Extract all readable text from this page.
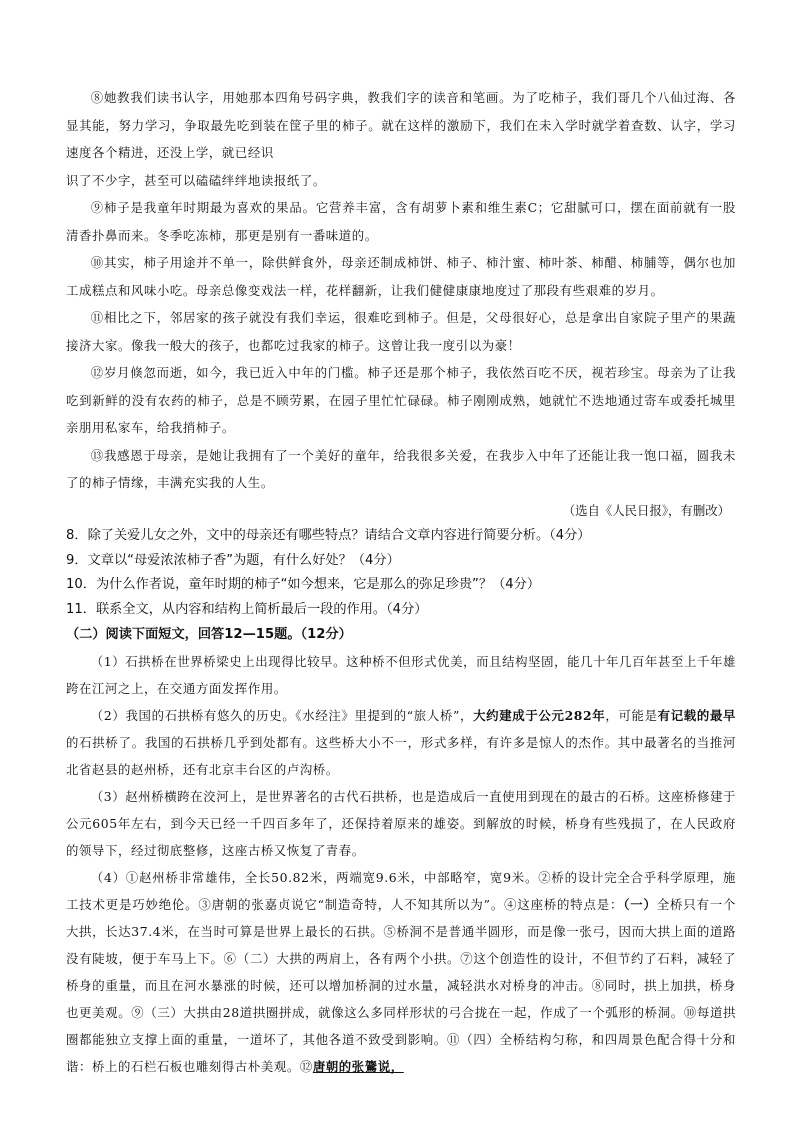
⑧她教我们读书认字，用她那本四角号码字典，教我们字的读音和笔画。为了吃柿子，我们哥几个八仙过海、各显其能，努力学习，争取最先吃到装在筐子里的柿子。就在这样的激励下，我们在未入学时就学着查数、认字，学习速度各个精进，还没上学，就已经识

识了不少字，甚至可以磕磕绊绊地读报纸了。

⑨柿子是我童年时期最为喜欢的果品。它营养丰富，含有胡萝卜素和维生素C；它甜腻可口，摆在面前就有一股清香扑鼻而来。冬季吃冻柿，那更是别有一番味道的。

⑩其实，柿子用途并不单一，除供鲜食外，母亲还制成柿饼、柿子、柿汁蜜、柿叶茶、柿醋、柿脯等，偶尔也加工成糕点和风味小吃。母亲总像变戏法一样，花样翻新，让我们健健康康地度过了那段有些艰难的岁月。

⑪相比之下，邻居家的孩子就没有我们幸运，很难吃到柿子。但是，父母很好心，总是拿出自家院子里产的果蔬接济大家。像我一般大的孩子，也都吃过我家的柿子。这曾让我一度引以为豪！

⑫岁月倏忽而逝，如今，我已近入中年的门槛。柿子还是那个柿子，我依然百吃不厌，视若珍宝。母亲为了让我吃到新鲜的没有农药的柿子，总是不顾劳累，在园子里忙忙碌碌。柿子刚刚成熟，她就忙不迭地通过寄车或委托城里亲朋用私家车，给我捎柿子。

⑬我感恩于母亲，是她让我拥有了一个美好的童年，给我很多关爱，在我步入中年了还能让我一饱口福，圆我未了的柿子情缘，丰满充实我的人生。

（选自《人民日报》，有删改）

8．除了关爱儿女之外，文中的母亲还有哪些特点？请结合文章内容进行简要分析。（4分）

9．文章以“母爱浓浓柿子香”为题，有什么好处？（4分）

10．为什么作者说，童年时期的柿子“如今想来，它是那么的弥足珍贵”？（4分）

11．联系全文，从内容和结构上简析最后一段的作用。（4分）

（二）阅读下面短文，回答12—15题。（12分）

（1）石拱桥在世界桥梁史上出现得比较早。这种桥不但形式优美，而且结构坚固，能几十年几百年甚至上千年雄跨在江河之上，在交通方面发挥作用。

（2）我国的石拱桥有悠久的历史。《水经注》里提到的“旅人桥”，大约建成于公元282年，可能是有记载的最早的石拱桥了。我国的石拱桥几乎到处都有。这些桥大小不一，形式多样，有许多是惊人的杰作。其中最著名的当推河北省赵县的赵州桥，还有北京丰台区的卢沟桥。

（3）赵州桥横跨在洨河上，是世界著名的古代石拱桥，也是造成后一直使用到现在的最古的石桥。这座桥修建于公元605年左右，到今天已经一千四百多年了，还保持着原来的雄姿。到解放的时候，桥身有些残损了，在人民政府的领导下，经过彻底整修，这座古桥又恢复了青春。

（4）①赵州桥非常雄伟，全长50.82米，两端宽9.6米，中部略窄，宽9米。②桥的设计完全合乎科学原理，施工技术更是巧妙绝伦。③唐朝的张嘉贞说它“制造奇特，人不知其所以为”。④这座桥的特点是：（一）全桥只有一个大拱，长达37.4米，在当时可算是世界上最长的石拱。⑤桥洞不是普通半圆形，而是像一张弓，因而大拱上面的道路没有陡坡，便于车马上下。⑥（二）大拱的两肩上，各有两个小拱。⑦这个创造性的设计，不但节约了石料，减轻了桥身的重量，而且在河水暴涨的时候，还可以增加桥洞的过水量，减轻洪水对桥身的冲击。⑧同时，拱上加拱，桥身也更美观。⑨（三）大拱由28道拱圈拼成，就像这么多同样形状的弓合拢在一起，作成了一个弧形的桥洞。⑩每道拱圈都能独立支撑上面的重量，一道坏了，其他各道不致受到影响。⑪（四）全桥结构匀称，和四周景色配合得十分和谐：桥上的石栏石板也雕刻得古朴美观。⑫唐朝的张鷟说，
